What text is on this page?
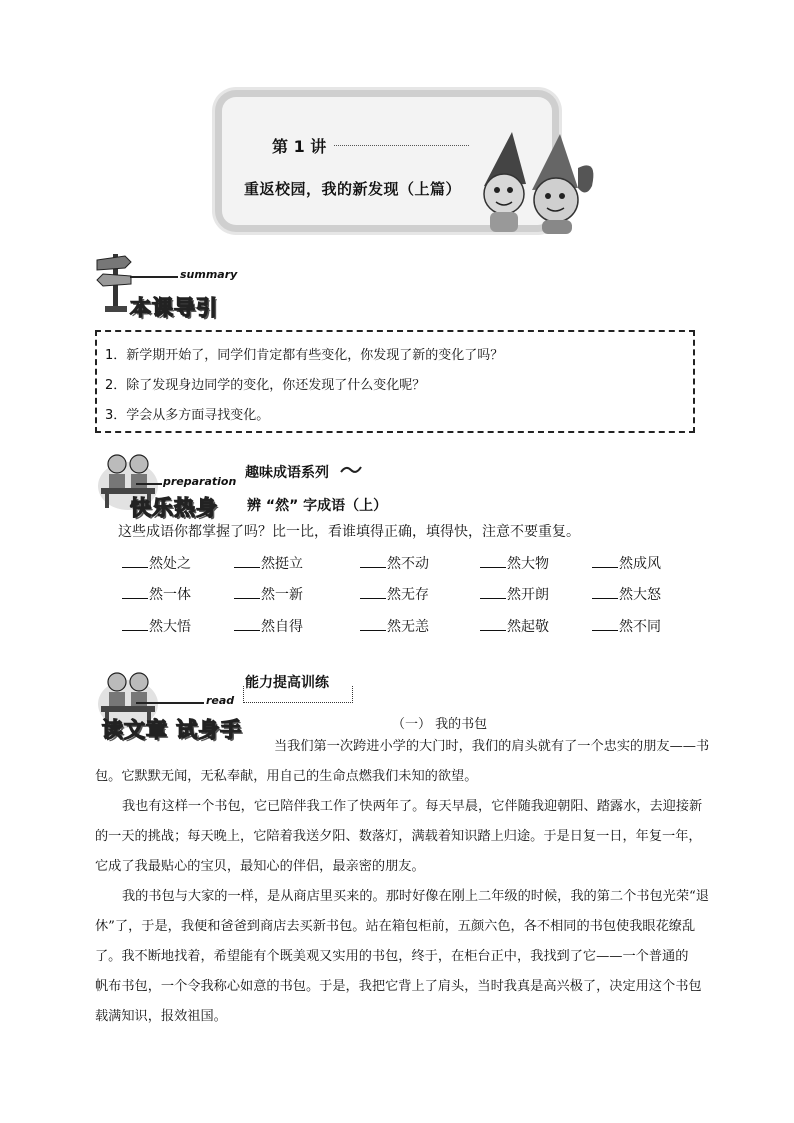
第 1 讲
重返校园，我的新发现（上篇）
summary
本课导引
1．新学期开始了，同学们肯定都有些变化，你发现了新的变化了吗？
2．除了发现身边同学的变化，你还发现了什么变化呢？
3．学会从多方面寻找变化。
preparation
快乐热身
趣味成语系列
辨 “然” 字成语（上）
这些成语你都掌握了吗？比一比，看谁填得正确，填得快，注意不要重复。
然处之	然挺立	然不动	然大物	然成风
然一体	然一新	然无存	然开朗	然大怒
然大悟	然自得	然无恙	然起敬	然不同
read
读文章 试身手
能力提高训练
（一） 我的书包
当我们第一次跨进小学的大门时，我们的肩头就有了一个忠实的朋友——书
包。它默默无闻，无私奉献，用自己的生命点燃我们未知的欲望。
我也有这样一个书包，它已陪伴我工作了快两年了。每天早晨，它伴随我迎朝阳、踏露水，去迎接新
的一天的挑战；每天晚上，它陪着我送夕阳、数落灯，满载着知识踏上归途。于是日复一日，年复一年，
它成了我最贴心的宝贝，最知心的伴侣，最亲密的朋友。
我的书包与大家的一样，是从商店里买来的。那时好像在刚上二年级的时候，我的第二个书包光荣“退
休”了，于是，我便和爸爸到商店去买新书包。站在箱包柜前，五颜六色，各不相同的书包使我眼花缭乱
了。我不断地找着，希望能有个既美观又实用的书包，终于，在柜台正中，我找到了它——一个普通的
帆布书包，一个令我称心如意的书包。于是，我把它背上了肩头，当时我真是高兴极了，决定用这个书包
载满知识，报效祖国。
